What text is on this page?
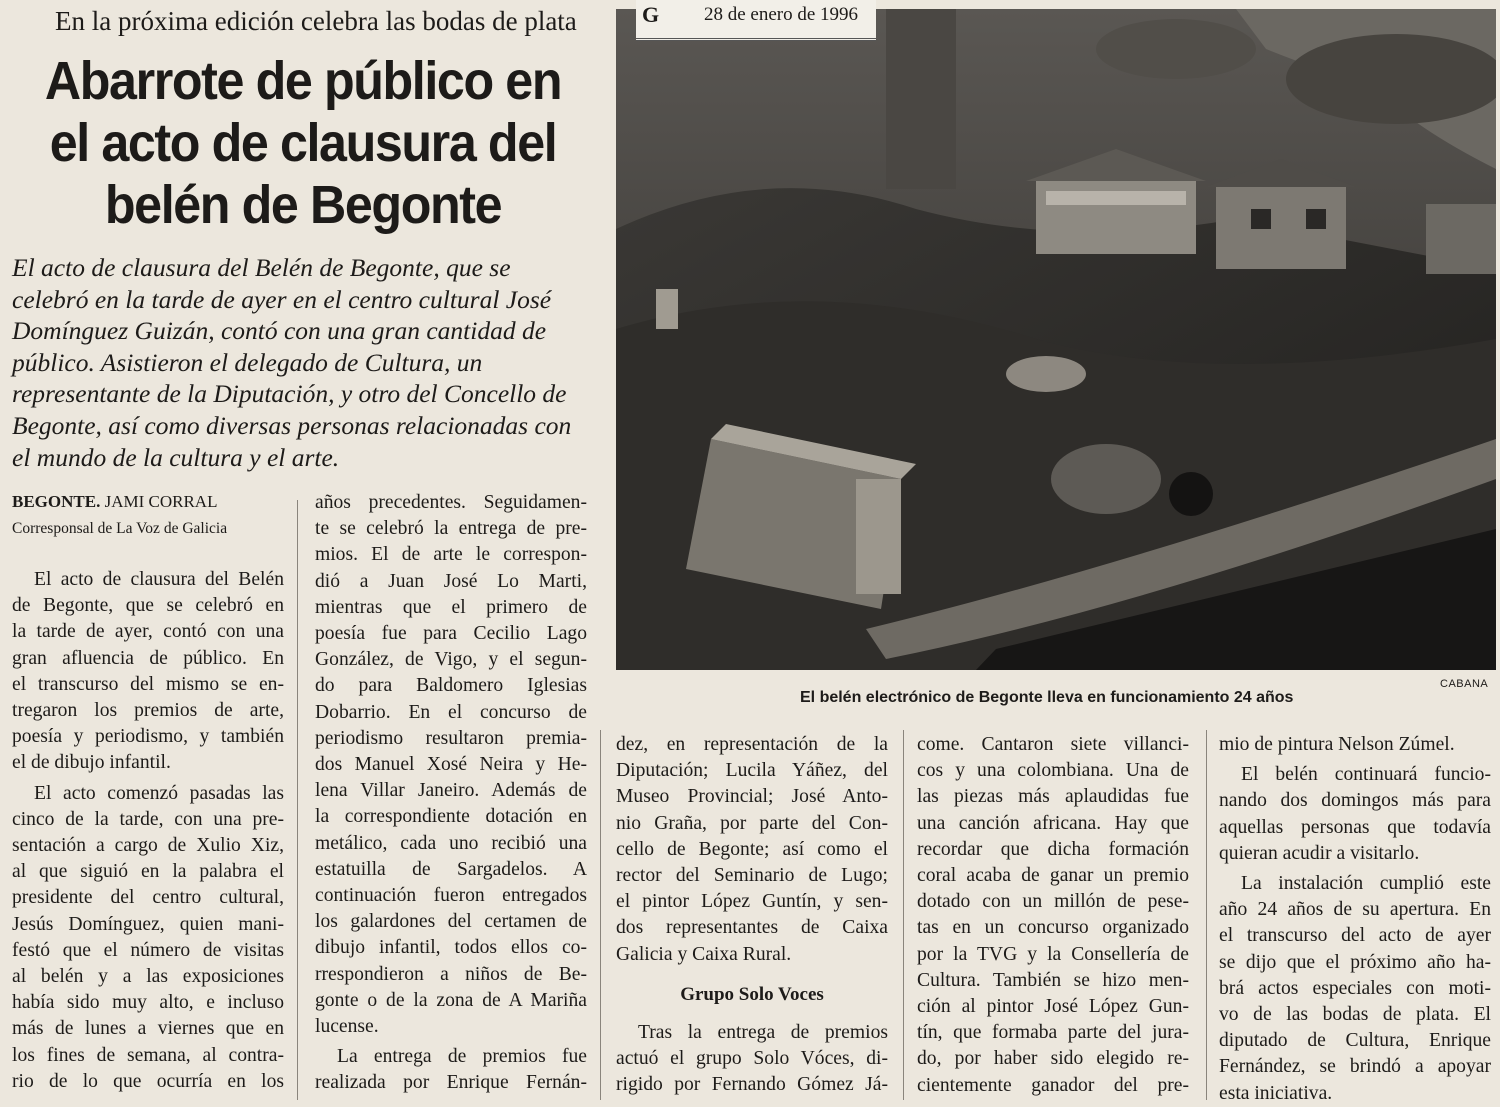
En la próxima edición celebra las bodas de plata
Abarrote de público en
el acto de clausura del
belén de Begonte

El acto de clausura del Belén de Begonte, que se

celebró en la tarde de ayer en el centro cultural José

Domínguez Guizán, contó con una gran cantidad de

público. Asistieron el delegado de Cultura, un

representante de la Diputación, y otro del Concello de

Begonte, así como diversas personas relacionadas con

el mundo de la cultura y el arte.

BEGONTE. JAMI CORRAL
Corresponsal de La Voz de Galicia
G 28 de enero de 1996
CABANA
El belén electrónico de Begonte lleva en funcionamiento 24 años

El acto de clausura del Belén

de Begonte, que se celebró en

la tarde de ayer, contó con una

gran afluencia de público. En

el transcurso del mismo se en-

tregaron los premios de arte,

poesía y periodismo, y también

el de dibujo infantil.

El acto comenzó pasadas las

cinco de la tarde, con una pre-

sentación a cargo de Xulio Xiz,

al que siguió en la palabra el

presidente del centro cultural,

Jesús Domínguez, quien mani-

festó que el número de visitas

al belén y a las exposiciones

había sido muy alto, e incluso

más de lunes a viernes que en

los fines de semana, al contra-

rio de lo que ocurría en los

años precedentes. Seguidamen-

te se celebró la entrega de pre-

mios. El de arte le correspon-

dió a Juan José Lo Marti,

mientras que el primero de

poesía fue para Cecilio Lago

González, de Vigo, y el segun-

do para Baldomero Iglesias

Dobarrio. En el concurso de

periodismo resultaron premia-

dos Manuel Xosé Neira y He-

lena Villar Janeiro. Además de

la correspondiente dotación en

metálico, cada uno recibió una

estatuilla de Sargadelos. A

continuación fueron entregados

los galardones del certamen de

dibujo infantil, todos ellos co-

rrespondieron a niños de Be-

gonte o de la zona de A Mariña

lucense.

La entrega de premios fue

realizada por Enrique Fernán-

dez, en representación de la

Diputación; Lucila Yáñez, del

Museo Provincial; José Anto-

nio Graña, por parte del Con-

cello de Begonte; así como el

rector del Seminario de Lugo;

el pintor López Guntín, y sen-

dos representantes de Caixa

Galicia y Caixa Rural.

Grupo Solo Voces

Tras la entrega de premios

actuó el grupo Solo Vóces, di-

rigido por Fernando Gómez Já-

come. Cantaron siete villanci-

cos y una colombiana. Una de

las piezas más aplaudidas fue

una canción africana. Hay que

recordar que dicha formación

coral acaba de ganar un premio

dotado con un millón de pese-

tas en un concurso organizado

por la TVG y la Consellería de

Cultura. También se hizo men-

ción al pintor José López Gun-

tín, que formaba parte del jura-

do, por haber sido elegido re-

cientemente ganador del pre-

mio de pintura Nelson Zúmel.

El belén continuará funcio-

nando dos domingos más para

aquellas personas que todavía

quieran acudir a visitarlo.

La instalación cumplió este

año 24 años de su apertura. En

el transcurso del acto de ayer

se dijo que el próximo año ha-

brá actos especiales con moti-

vo de las bodas de plata. El

diputado de Cultura, Enrique

Fernández, se brindó a apoyar

esta iniciativa.
